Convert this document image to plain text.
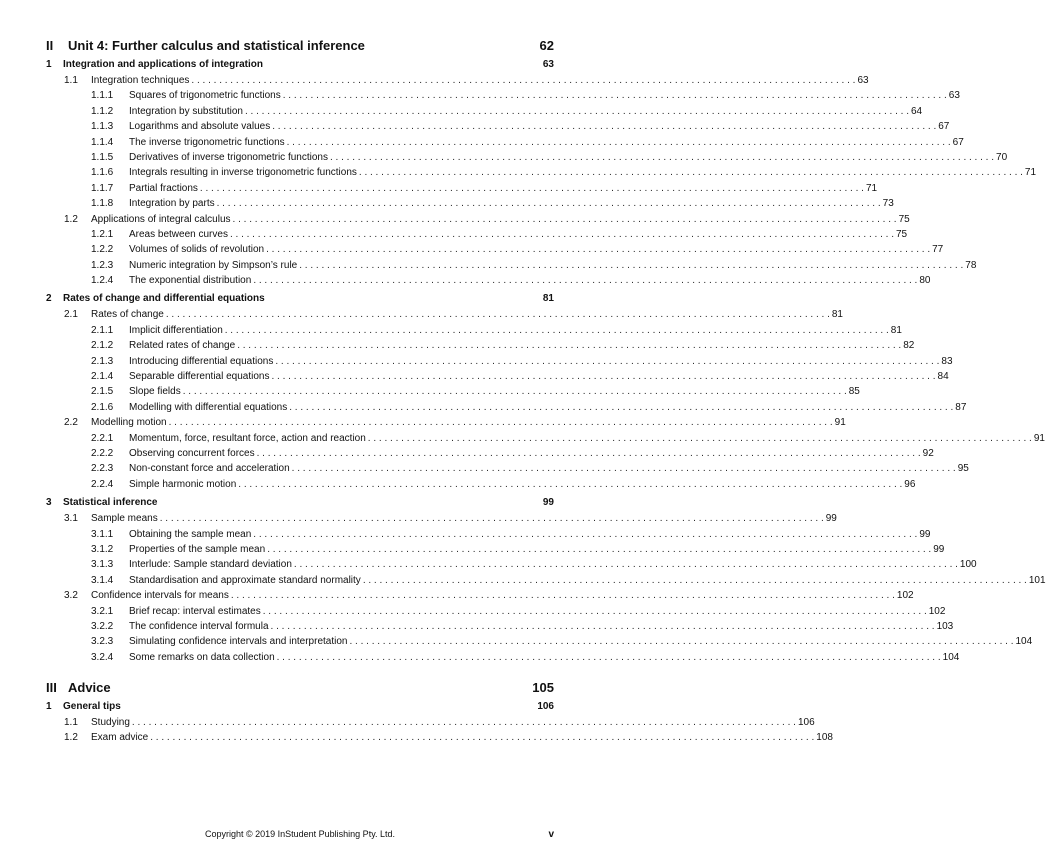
II	Unit 4: Further calculus and statistical inference	62
1	Integration and applications of integration	63
1.1	Integration techniques . . . . . . . . . . . . . . . . . . . . . . . . . . . . . . . . . . . . . . . . . . . . . . . . . . . . . . . . . . . . . . . . . . . . . . . . . . . . . . . . . . . . . . . . . . . . . . . . . . . . . . . . . . . . . . . . . . . . . . . . 63
1.1.1	Squares of trigonometric functions . . . . . . . . . . . . . . . . . . . . . . . . . . . . . . . . . . . . . . . . . . . . . . . . . . . . . . . . . . . . . . . . . . . . . . . . . . . . . . . . . . . . . . . . . . . . . . . . . . . . . . . . . . . . . . . . . . . . . . . . 63
1.1.2	Integration by substitution . . . . . . . . . . . . . . . . . . . . . . . . . . . . . . . . . . . . . . . . . . . . . . . . . . . . . . . . . . . . . . . . . . . . . . . . . . . . . . . . . . . . . . . . . . . . . . . . . . . . . . . . . . . . . . . . . . . . . . . . 64
1.1.3	Logarithms and absolute values . . . . . . . . . . . . . . . . . . . . . . . . . . . . . . . . . . . . . . . . . . . . . . . . . . . . . . . . . . . . . . . . . . . . . . . . . . . . . . . . . . . . . . . . . . . . . . . . . . . . . . . . . . . . . . . . . . . . . . . . 67
1.1.4	The inverse trigonometric functions . . . . . . . . . . . . . . . . . . . . . . . . . . . . . . . . . . . . . . . . . . . . . . . . . . . . . . . . . . . . . . . . . . . . . . . . . . . . . . . . . . . . . . . . . . . . . . . . . . . . . . . . . . . . . . . . . . . . . . . . 67
1.1.5	Derivatives of inverse trigonometric functions . . . . . . . . . . . . . . . . . . . . . . . . . . . . . . . . . . . . . . . . . . . . . . . . . . . . . . . . . . . . . . . . . . . . . . . . . . . . . . . . . . . . . . . . . . . . . . . . . . . . . . . . . . . . . . . . . . . . . . . . 70
1.1.6	Integrals resulting in inverse trigonometric functions . . . . . . . . . . . . . . . . . . . . . . . . . . . . . . . . . . . . . . . . . . . . . . . . . . . . . . . . . . . . . . . . . . . . . . . . . . . . . . . . . . . . . . . . . . . . . . . . . . . . . . . . . . . . . . . . . . . . . . . . 71
1.1.7	Partial fractions . . . . . . . . . . . . . . . . . . . . . . . . . . . . . . . . . . . . . . . . . . . . . . . . . . . . . . . . . . . . . . . . . . . . . . . . . . . . . . . . . . . . . . . . . . . . . . . . . . . . . . . . . . . . . . . . . . . . . . . . 71
1.1.8	Integration by parts . . . . . . . . . . . . . . . . . . . . . . . . . . . . . . . . . . . . . . . . . . . . . . . . . . . . . . . . . . . . . . . . . . . . . . . . . . . . . . . . . . . . . . . . . . . . . . . . . . . . . . . . . . . . . . . . . . . . . . . . 73
1.2	Applications of integral calculus . . . . . . . . . . . . . . . . . . . . . . . . . . . . . . . . . . . . . . . . . . . . . . . . . . . . . . . . . . . . . . . . . . . . . . . . . . . . . . . . . . . . . . . . . . . . . . . . . . . . . . . . . . . . . . . . . . . . . . . . 75
1.2.1	Areas between curves . . . . . . . . . . . . . . . . . . . . . . . . . . . . . . . . . . . . . . . . . . . . . . . . . . . . . . . . . . . . . . . . . . . . . . . . . . . . . . . . . . . . . . . . . . . . . . . . . . . . . . . . . . . . . . . . . . . . . . . . 75
1.2.2	Volumes of solids of revolution . . . . . . . . . . . . . . . . . . . . . . . . . . . . . . . . . . . . . . . . . . . . . . . . . . . . . . . . . . . . . . . . . . . . . . . . . . . . . . . . . . . . . . . . . . . . . . . . . . . . . . . . . . . . . . . . . . . . . . . . 77
1.2.3	Numeric integration by Simpson’s rule . . . . . . . . . . . . . . . . . . . . . . . . . . . . . . . . . . . . . . . . . . . . . . . . . . . . . . . . . . . . . . . . . . . . . . . . . . . . . . . . . . . . . . . . . . . . . . . . . . . . . . . . . . . . . . . . . . . . . . . . 78
1.2.4	The exponential distribution . . . . . . . . . . . . . . . . . . . . . . . . . . . . . . . . . . . . . . . . . . . . . . . . . . . . . . . . . . . . . . . . . . . . . . . . . . . . . . . . . . . . . . . . . . . . . . . . . . . . . . . . . . . . . . . . . . . . . . . . 80
2	Rates of change and differential equations	81
2.1	Rates of change . . . . . . . . . . . . . . . . . . . . . . . . . . . . . . . . . . . . . . . . . . . . . . . . . . . . . . . . . . . . . . . . . . . . . . . . . . . . . . . . . . . . . . . . . . . . . . . . . . . . . . . . . . . . . . . . . . . . . . . . 81
2.1.1	Implicit differentiation . . . . . . . . . . . . . . . . . . . . . . . . . . . . . . . . . . . . . . . . . . . . . . . . . . . . . . . . . . . . . . . . . . . . . . . . . . . . . . . . . . . . . . . . . . . . . . . . . . . . . . . . . . . . . . . . . . . . . . . . 81
2.1.2	Related rates of change . . . . . . . . . . . . . . . . . . . . . . . . . . . . . . . . . . . . . . . . . . . . . . . . . . . . . . . . . . . . . . . . . . . . . . . . . . . . . . . . . . . . . . . . . . . . . . . . . . . . . . . . . . . . . . . . . . . . . . . . 82
2.1.3	Introducing differential equations . . . . . . . . . . . . . . . . . . . . . . . . . . . . . . . . . . . . . . . . . . . . . . . . . . . . . . . . . . . . . . . . . . . . . . . . . . . . . . . . . . . . . . . . . . . . . . . . . . . . . . . . . . . . . . . . . . . . . . . . 83
2.1.4	Separable differential equations . . . . . . . . . . . . . . . . . . . . . . . . . . . . . . . . . . . . . . . . . . . . . . . . . . . . . . . . . . . . . . . . . . . . . . . . . . . . . . . . . . . . . . . . . . . . . . . . . . . . . . . . . . . . . . . . . . . . . . . . 84
2.1.5	Slope fields . . . . . . . . . . . . . . . . . . . . . . . . . . . . . . . . . . . . . . . . . . . . . . . . . . . . . . . . . . . . . . . . . . . . . . . . . . . . . . . . . . . . . . . . . . . . . . . . . . . . . . . . . . . . . . . . . . . . . . . . 85
2.1.6	Modelling with differential equations . . . . . . . . . . . . . . . . . . . . . . . . . . . . . . . . . . . . . . . . . . . . . . . . . . . . . . . . . . . . . . . . . . . . . . . . . . . . . . . . . . . . . . . . . . . . . . . . . . . . . . . . . . . . . . . . . . . . . . . . 87
2.2	Modelling motion . . . . . . . . . . . . . . . . . . . . . . . . . . . . . . . . . . . . . . . . . . . . . . . . . . . . . . . . . . . . . . . . . . . . . . . . . . . . . . . . . . . . . . . . . . . . . . . . . . . . . . . . . . . . . . . . . . . . . . . . 91
2.2.1	Momentum, force, resultant force, action and reaction . . . . . . . . . . . . . . . . . . . . . . . . . . . . . . . . . . . . . . . . . . . . . . . . . . . . . . . . . . . . . . . . . . . . . . . . . . . . . . . . . . . . . . . . . . . . . . . . . . . . . . . . . . . . . . . . . . . . . . . . 91
2.2.2	Observing concurrent forces . . . . . . . . . . . . . . . . . . . . . . . . . . . . . . . . . . . . . . . . . . . . . . . . . . . . . . . . . . . . . . . . . . . . . . . . . . . . . . . . . . . . . . . . . . . . . . . . . . . . . . . . . . . . . . . . . . . . . . . . 92
2.2.3	Non-constant force and acceleration . . . . . . . . . . . . . . . . . . . . . . . . . . . . . . . . . . . . . . . . . . . . . . . . . . . . . . . . . . . . . . . . . . . . . . . . . . . . . . . . . . . . . . . . . . . . . . . . . . . . . . . . . . . . . . . . . . . . . . . . 95
2.2.4	Simple harmonic motion . . . . . . . . . . . . . . . . . . . . . . . . . . . . . . . . . . . . . . . . . . . . . . . . . . . . . . . . . . . . . . . . . . . . . . . . . . . . . . . . . . . . . . . . . . . . . . . . . . . . . . . . . . . . . . . . . . . . . . . . 96
3	Statistical inference	99
3.1	Sample means . . . . . . . . . . . . . . . . . . . . . . . . . . . . . . . . . . . . . . . . . . . . . . . . . . . . . . . . . . . . . . . . . . . . . . . . . . . . . . . . . . . . . . . . . . . . . . . . . . . . . . . . . . . . . . . . . . . . . . . . 99
3.1.1	Obtaining the sample mean . . . . . . . . . . . . . . . . . . . . . . . . . . . . . . . . . . . . . . . . . . . . . . . . . . . . . . . . . . . . . . . . . . . . . . . . . . . . . . . . . . . . . . . . . . . . . . . . . . . . . . . . . . . . . . . . . . . . . . . . 99
3.1.2	Properties of the sample mean . . . . . . . . . . . . . . . . . . . . . . . . . . . . . . . . . . . . . . . . . . . . . . . . . . . . . . . . . . . . . . . . . . . . . . . . . . . . . . . . . . . . . . . . . . . . . . . . . . . . . . . . . . . . . . . . . . . . . . . . 99
3.1.3	Interlude: Sample standard deviation . . . . . . . . . . . . . . . . . . . . . . . . . . . . . . . . . . . . . . . . . . . . . . . . . . . . . . . . . . . . . . . . . . . . . . . . . . . . . . . . . . . . . . . . . . . . . . . . . . . . . . . . . . . . . . . . . . . . . . . . 100
3.1.4	Standardisation and approximate standard normality . . . . . . . . . . . . . . . . . . . . . . . . . . . . . . . . . . . . . . . . . . . . . . . . . . . . . . . . . . . . . . . . . . . . . . . . . . . . . . . . . . . . . . . . . . . . . . . . . . . . . . . . . . . . . . . . . . . . . . . . 101
3.2	Confidence intervals for means . . . . . . . . . . . . . . . . . . . . . . . . . . . . . . . . . . . . . . . . . . . . . . . . . . . . . . . . . . . . . . . . . . . . . . . . . . . . . . . . . . . . . . . . . . . . . . . . . . . . . . . . . . . . . . . . . . . . . . . . 102
3.2.1	Brief recap: interval estimates . . . . . . . . . . . . . . . . . . . . . . . . . . . . . . . . . . . . . . . . . . . . . . . . . . . . . . . . . . . . . . . . . . . . . . . . . . . . . . . . . . . . . . . . . . . . . . . . . . . . . . . . . . . . . . . . . . . . . . . . 102
3.2.2	The confidence interval formula . . . . . . . . . . . . . . . . . . . . . . . . . . . . . . . . . . . . . . . . . . . . . . . . . . . . . . . . . . . . . . . . . . . . . . . . . . . . . . . . . . . . . . . . . . . . . . . . . . . . . . . . . . . . . . . . . . . . . . . . 103
3.2.3	Simulating confidence intervals and interpretation . . . . . . . . . . . . . . . . . . . . . . . . . . . . . . . . . . . . . . . . . . . . . . . . . . . . . . . . . . . . . . . . . . . . . . . . . . . . . . . . . . . . . . . . . . . . . . . . . . . . . . . . . . . . . . . . . . . . . . . . 104
3.2.4	Some remarks on data collection . . . . . . . . . . . . . . . . . . . . . . . . . . . . . . . . . . . . . . . . . . . . . . . . . . . . . . . . . . . . . . . . . . . . . . . . . . . . . . . . . . . . . . . . . . . . . . . . . . . . . . . . . . . . . . . . . . . . . . . . 104
III Advice	105
1	General tips	106
1.1	Studying . . . . . . . . . . . . . . . . . . . . . . . . . . . . . . . . . . . . . . . . . . . . . . . . . . . . . . . . . . . . . . . . . . . . . . . . . . . . . . . . . . . . . . . . . . . . . . . . . . . . . . . . . . . . . . . . . . . . . . . . 106
1.2	Exam advice . . . . . . . . . . . . . . . . . . . . . . . . . . . . . . . . . . . . . . . . . . . . . . . . . . . . . . . . . . . . . . . . . . . . . . . . . . . . . . . . . . . . . . . . . . . . . . . . . . . . . . . . . . . . . . . . . . . . . . . . 108
Copyright © 2019 InStudent Publishing Pty. Ltd.	v
